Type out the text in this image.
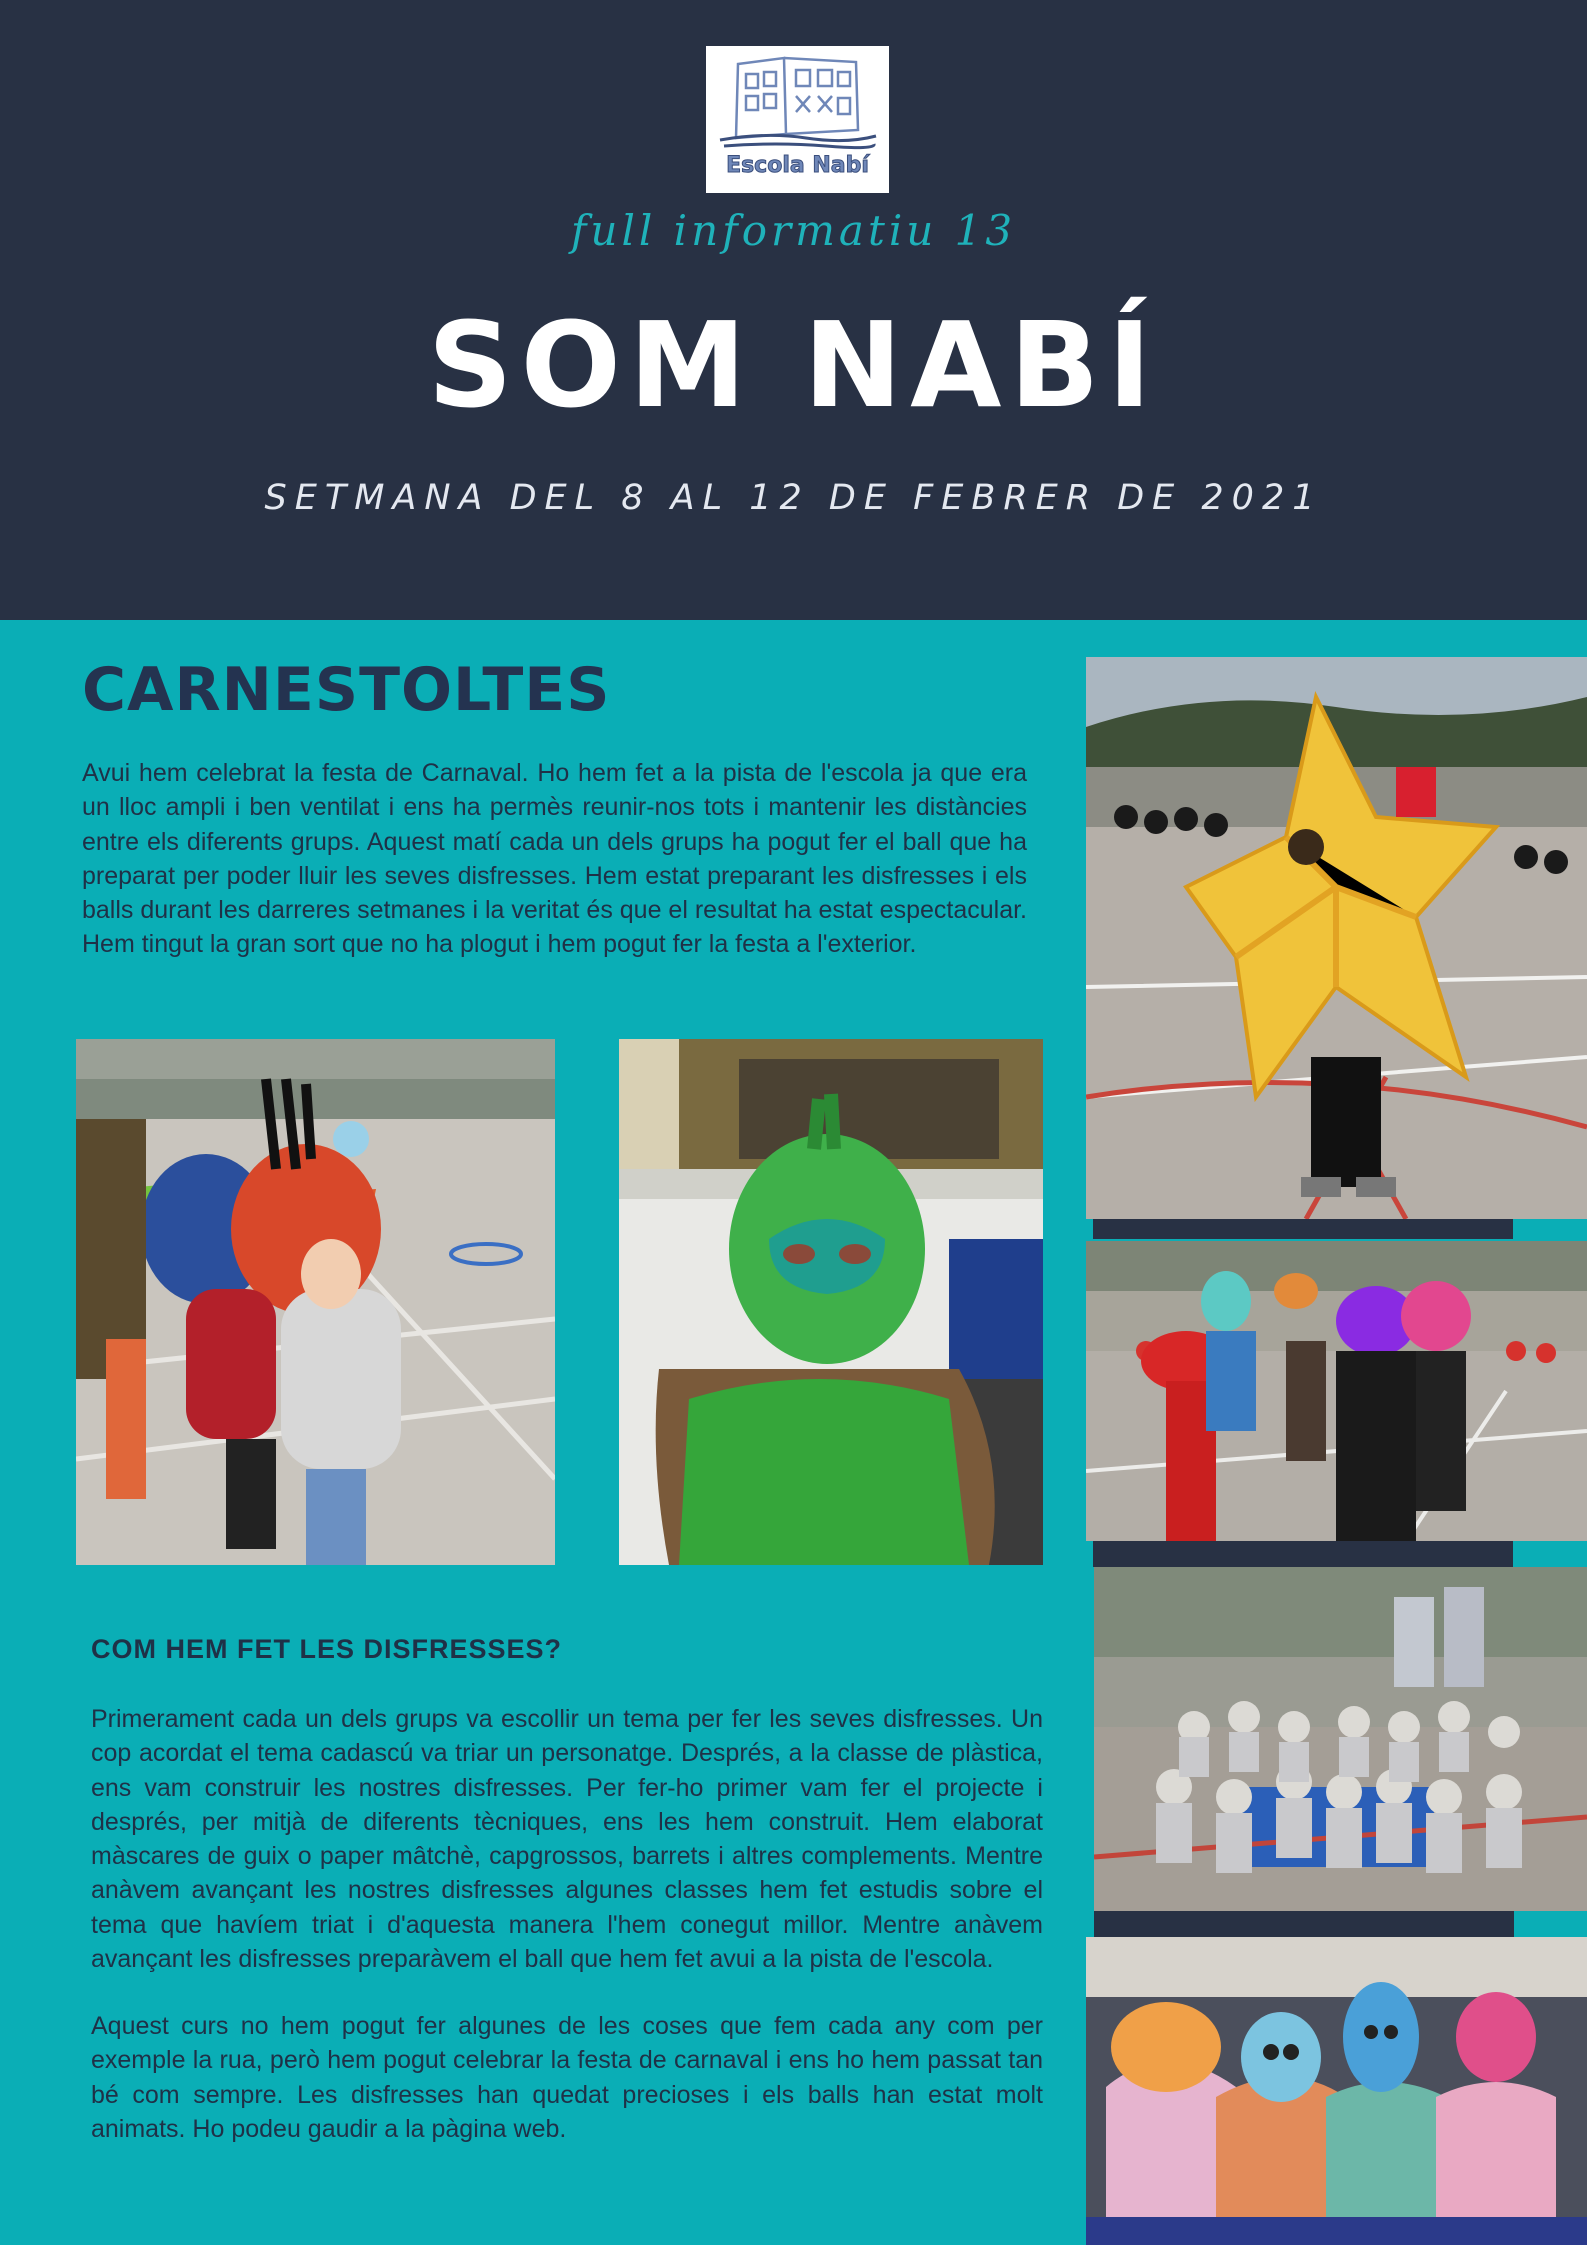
Escola Nabí
full informatiu 13
SOM NABÍ
SETMANA DEL 8 AL 12 DE FEBRER DE 2021
CARNESTOLTES

Avui hem celebrat la festa de Carnaval. Ho hem fet a la pista de l'escola ja que era un lloc ampli i ben ventilat i ens ha permès reunir-nos tots i mantenir les distàncies entre els diferents grups. Aquest matí cada un dels grups ha pogut fer el ball que ha preparat per poder lluir les seves disfresses. Hem estat preparant les disfresses i els balls durant les darreres setmanes i la veritat és que el resultat ha estat espectacular. Hem tingut la gran sort que no ha plogut i hem pogut fer la festa a l'exterior.

COM HEM FET LES DISFRESSES?

Primerament cada un dels grups va escollir un tema per fer les seves disfresses. Un cop acordat el tema cadascú va triar un personatge. Després, a la classe de plàstica, ens vam construir les nostres disfresses. Per fer-ho primer vam fer el projecte i després, per mitjà de diferents tècniques, ens les hem construit. Hem elaborat màscares de guix o paper mâtchè, capgrossos, barrets i altres complements. Mentre anàvem avançant les nostres disfresses algunes classes hem fet estudis sobre el tema que havíem triat i d'aquesta manera l'hem conegut millor. Mentre anàvem avançant les disfresses preparàvem el ball que hem fet avui a la pista de l'escola.

Aquest curs no hem pogut fer algunes de les coses que fem cada any com per exemple la rua, però hem pogut celebrar la festa de carnaval i ens ho hem passat tan bé com sempre. Les disfresses han quedat precioses i els balls han estat molt animats. Ho podeu gaudir a la pàgina web.
